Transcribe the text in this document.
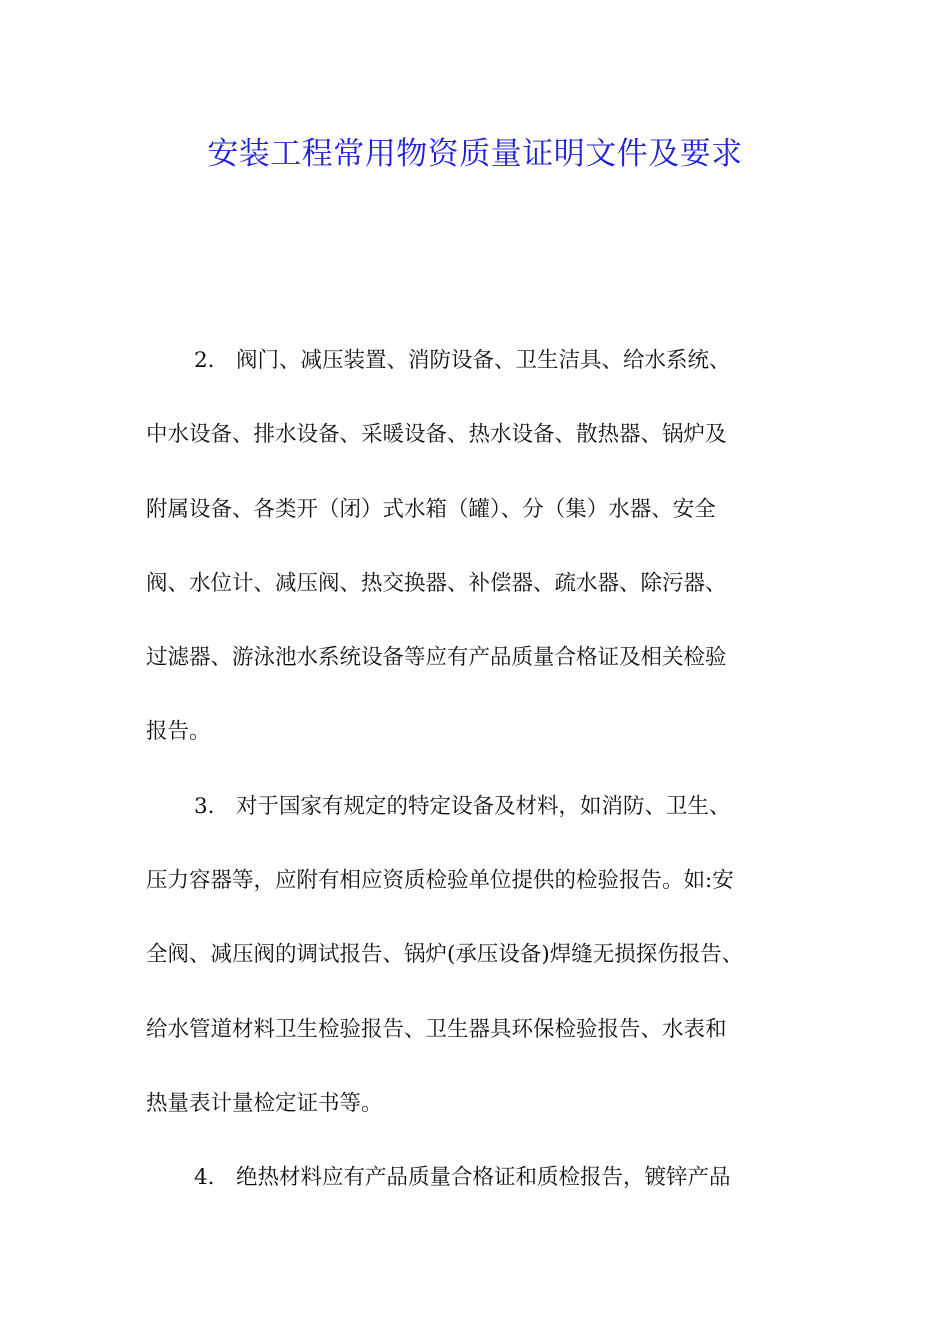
安装工程常用物资质量证明文件及要求
2.　阀门、减压装置、消防设备、卫生洁具、给水系统、
中水设备、排水设备、采暖设备、热水设备、散热器、锅炉及
附属设备、各类开（闭）式水箱（罐）、分（集）水器、安全
阀、水位计、减压阀、热交换器、补偿器、疏水器、除污器、
过滤器、游泳池水系统设备等应有产品质量合格证及相关检验
报告。
3.　对于国家有规定的特定设备及材料，如消防、卫生、
压力容器等，应附有相应资质检验单位提供的检验报告。如:安
全阀、减压阀的调试报告、锅炉(承压设备)焊缝无损探伤报告、
给水管道材料卫生检验报告、卫生器具环保检验报告、水表和
热量表计量检定证书等。
4.　绝热材料应有产品质量合格证和质检报告，镀锌产品
